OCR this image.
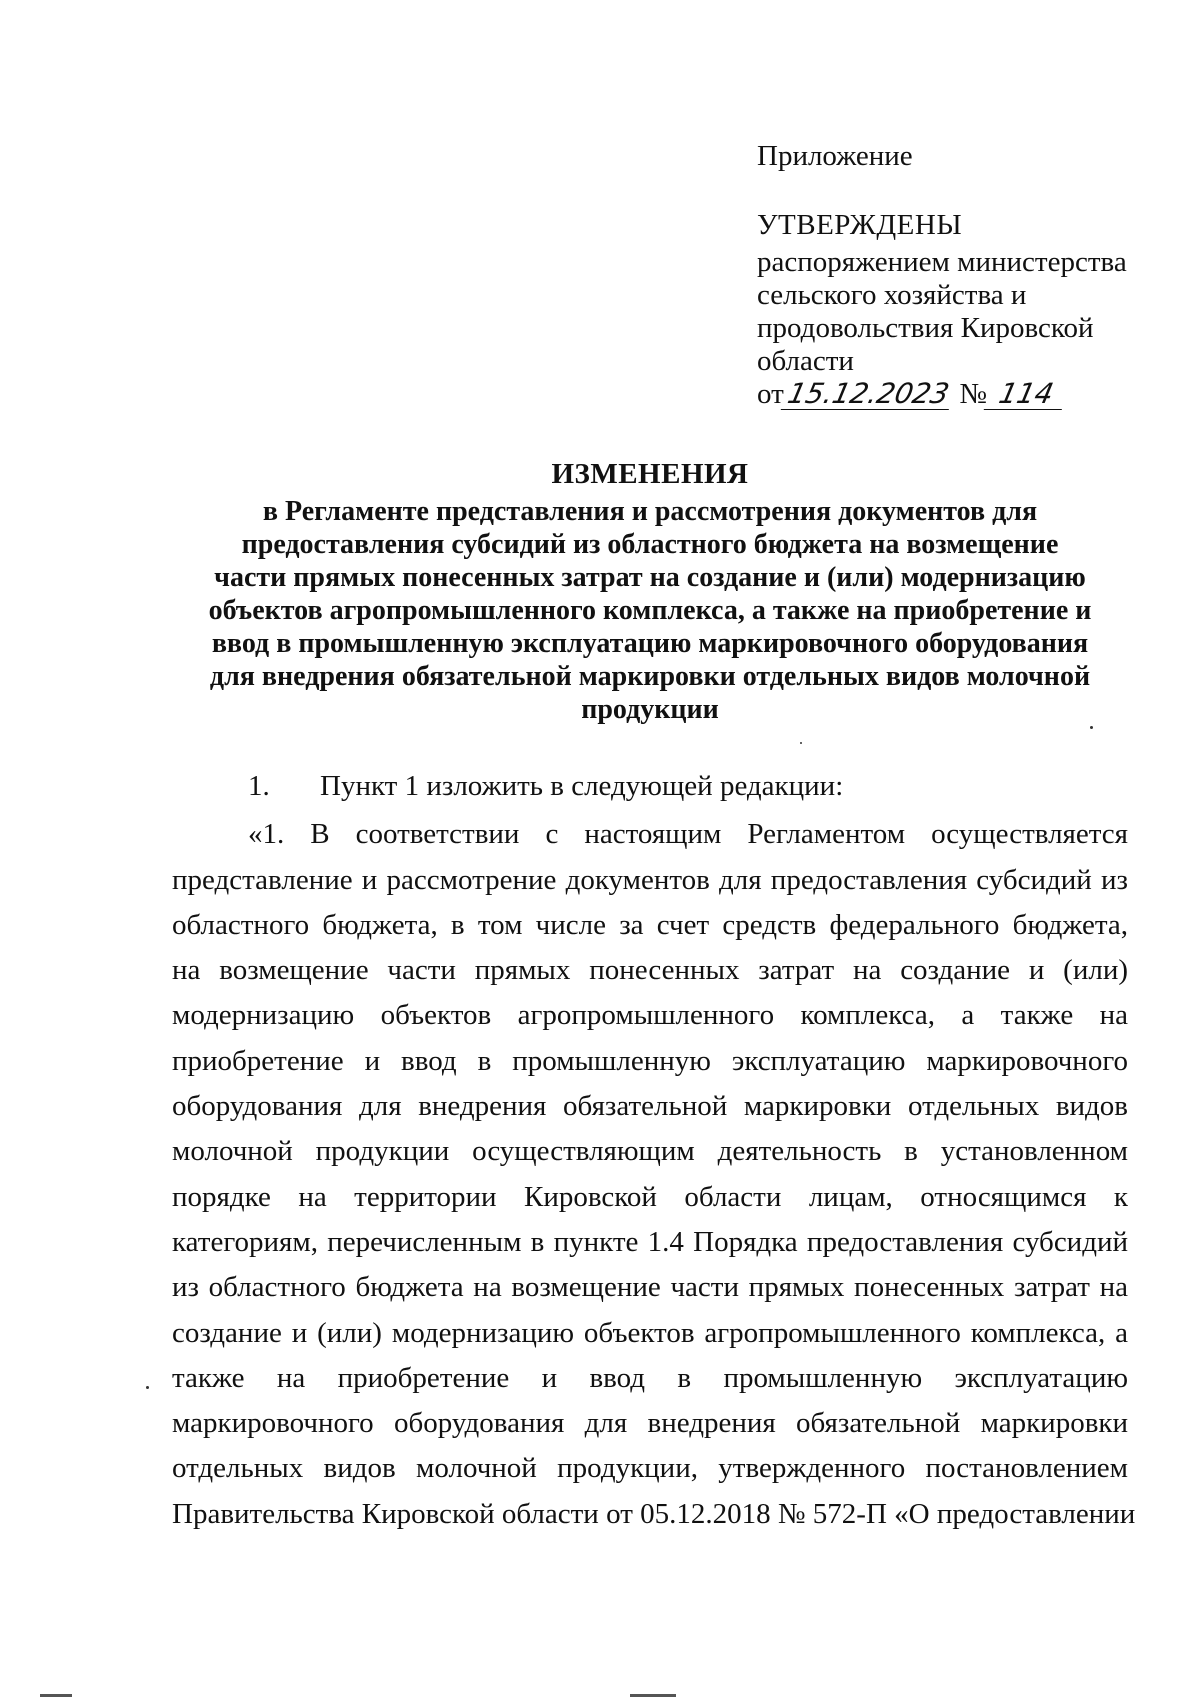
Приложение

УТВЕРЖДЕНЫ

распоряжением министерства

сельского хозяйства и

продовольствия Кировской

области

от15.12.2023 № 114

ИЗМЕНЕНИЯ

в Регламенте представления и рассмотрения документов для

предоставления субсидий из областного бюджета на возмещение

части прямых понесенных затрат на создание и (или) модернизацию

объектов агропромышленного комплекса, а также на приобретение и

ввод в промышленную эксплуатацию маркировочного оборудования

для внедрения обязательной маркировки отдельных видов молочной

продукции

1. Пункт 1 изложить в следующей редакции:
«1. В соответствии с настоящим Регламентом осуществляется
представление и рассмотрение документов для предоставления субсидий из
областного бюджета, в том числе за счет средств федерального бюджета,
на возмещение части прямых понесенных затрат на создание и (или)
модернизацию объектов агропромышленного комплекса, а также на
приобретение и ввод в промышленную эксплуатацию маркировочного
оборудования для внедрения обязательной маркировки отдельных видов
молочной продукции осуществляющим деятельность в установленном
порядке на территории Кировской области лицам, относящимся к
категориям, перечисленным в пункте 1.4 Порядка предоставления субсидий
из областного бюджета на возмещение части прямых понесенных затрат на
создание и (или) модернизацию объектов агропромышленного комплекса, а
также на приобретение и ввод в промышленную эксплуатацию
маркировочного оборудования для внедрения обязательной маркировки
отдельных видов молочной продукции, утвержденного постановлением
Правительства Кировской области от 05.12.2018 № 572-П «О предоставлении
